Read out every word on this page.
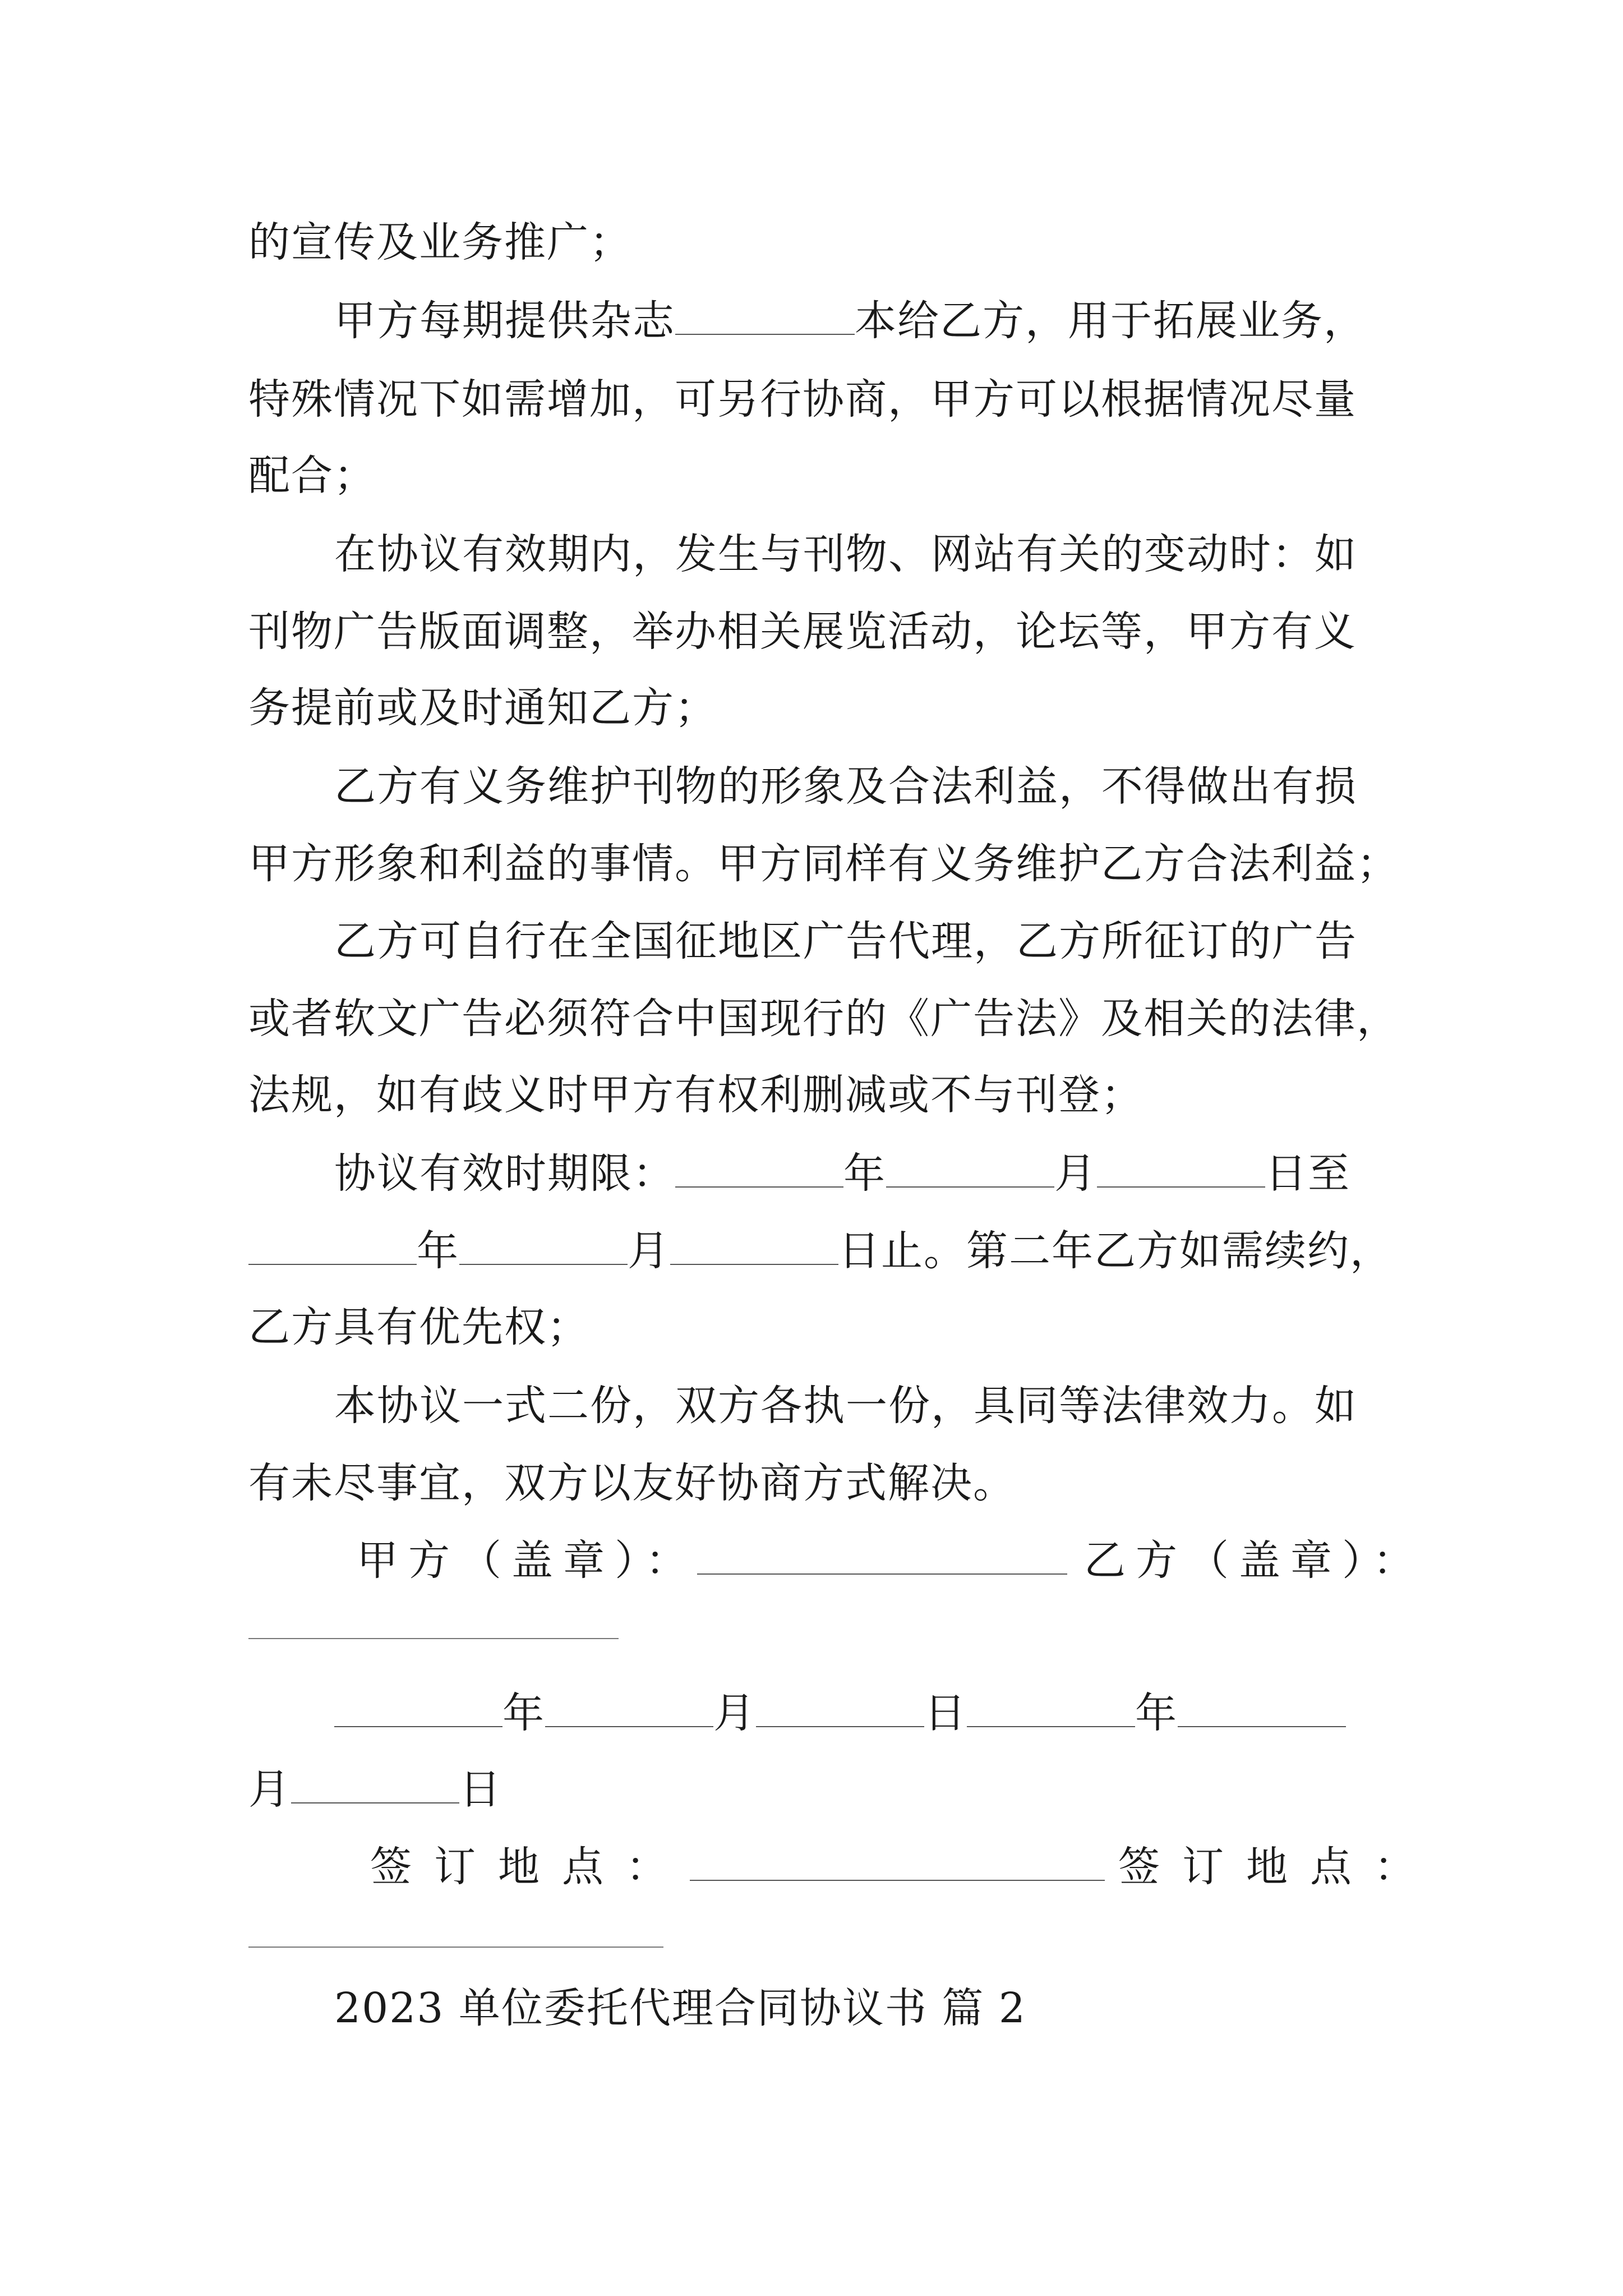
的宣传及业务推广；
甲方每期提供杂志	本给乙方，用于拓展业务，
特殊情况下如需增加，可另行协商，甲方可以根据情况尽量
配合；
在协议有效期内，发生与刊物、网站有关的变动时：如
刊物广告版面调整，举办相关展览活动，论坛等，甲方有义
务提前或及时通知乙方；
乙方有义务维护刊物的形象及合法利益，不得做出有损
甲方形象和利益的事情。甲方同样有义务维护乙方合法利益；
乙方可自行在全国征地区广告代理，乙方所征订的广告
或者软文广告必须符合中国现行的《广告法》及相关的法律，
法规，如有歧义时甲方有权利删减或不与刊登；
协议有效时期限：	年	月	日至
年	月	日止。第二年乙方如需续约，
乙方具有优先权；
本协议一式二份，双方各执一份，具同等法律效力。如
有未尽事宜，双方以友好协商方式解决。
甲方（盖章）：	乙方（盖章）：
年	月	日	年
月	日
签订地点：	签订地点：
2023 单位委托代理合同协议书 篇 2
